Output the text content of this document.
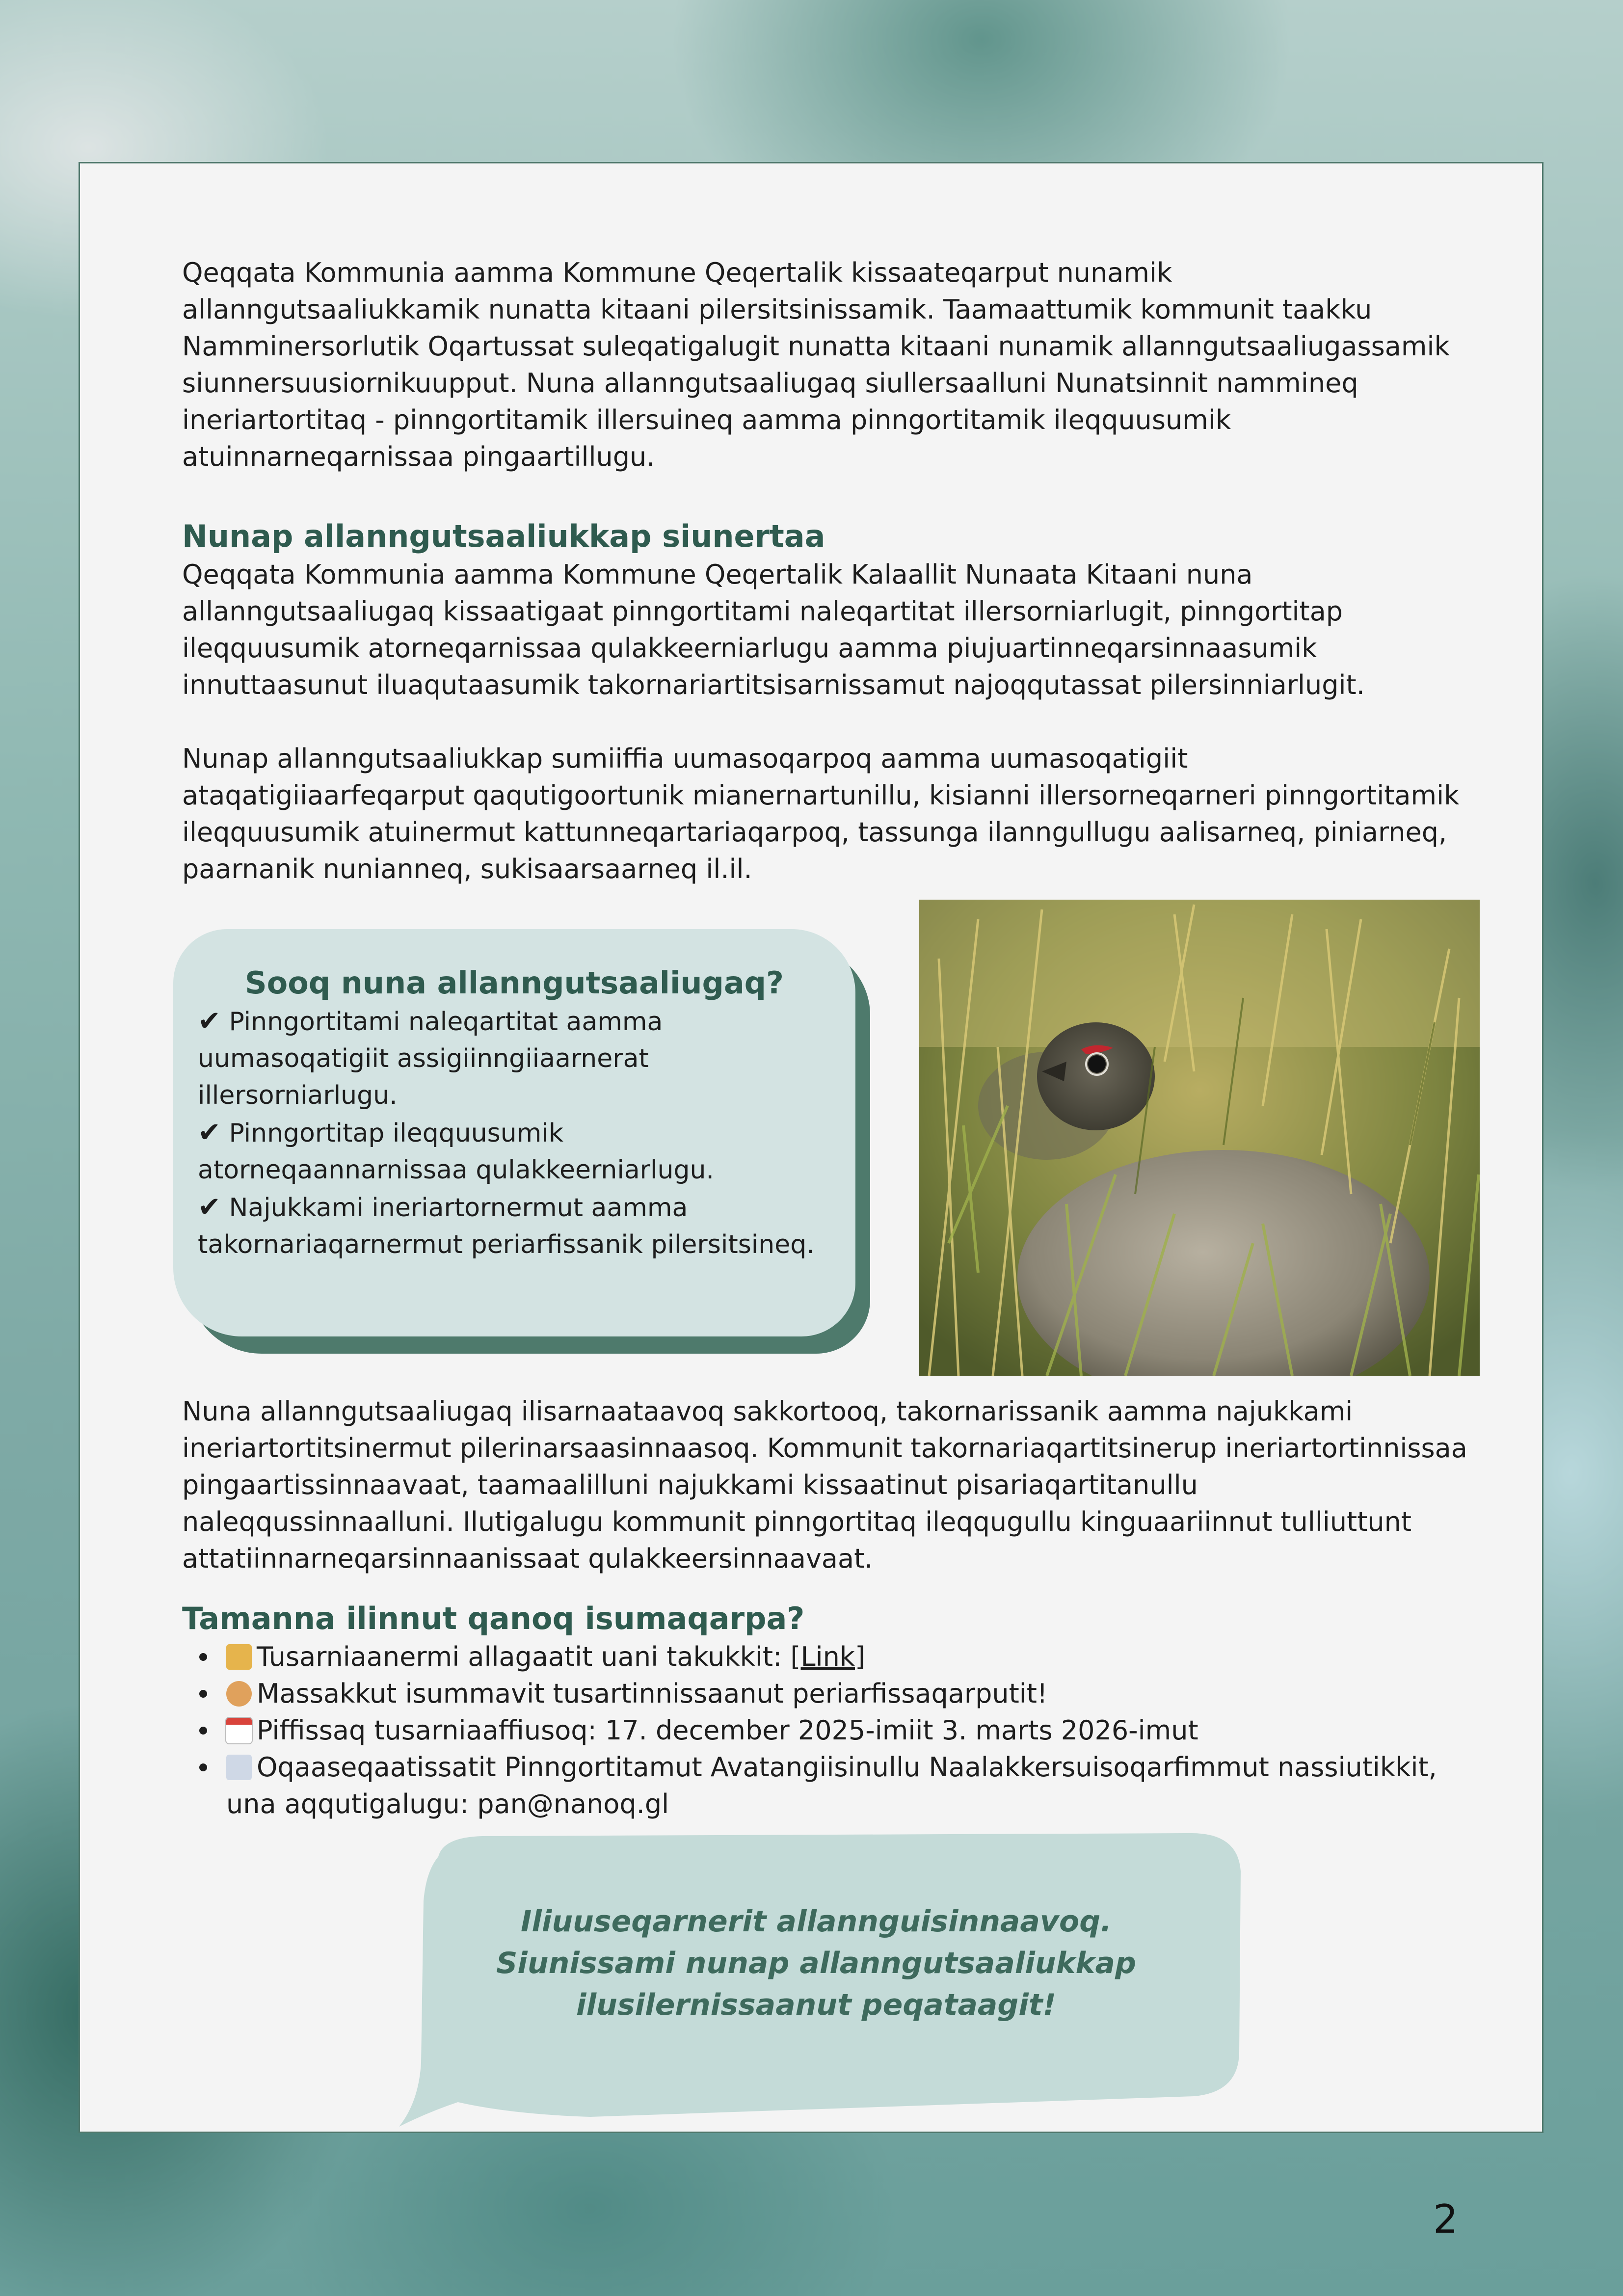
Qeqqata Kommunia aamma Kommune Qeqertalik kissaateqarput nunamik allanngutsaaliukkamik nunatta kitaani pilersitsinissamik. Taamaattumik kommunit taakku Namminersorlutik Oqartussat suleqatigalugit nunatta kitaani nunamik allanngutsaaliugassamik siunnersuusiornikuupput. Nuna allanngutsaaliugaq siullersaalluni Nunatsinnit nammineq ineriartortitaq - pinngortitamik illersuineq aamma pinngortitamik ileqquusumik atuinnarneqarnissaa pingaartillugu.

Nunap allanngutsaaliukkap siunertaa

Qeqqata Kommunia aamma Kommune Qeqertalik Kalaallit Nunaata Kitaani nuna allanngutsaaliugaq kissaatigaat pinngortitami naleqartitat illersorniarlugit, pinngortitap ileqquusumik atorneqarnissaa qulakkeerniarlugu aamma piujuartinneqarsinnaasumik innuttaasunut iluaqutaasumik takornariartitsisarnissamut najoqqutassat pilersinniarlugit.

Nunap allanngutsaaliukkap sumiiffia uumasoqarpoq aamma uumasoqatigiit ataqatigiiaarfeqarput qaqutigoortunik mianernartunillu, kisianni illersorneqarneri pinngortitamik ileqquusumik atuinermut kattunneqartariaqarpoq, tassunga ilanngullugu aalisarneq, piniarneq, paarnanik nunianneq, sukisaarsaarneq il.il.

Sooq nuna allanngutsaaliugaq?

✔ Pinngortitami naleqartitat aamma uumasoqatigiit assigiinngiiaarnerat illersorniarlugu.

✔ Pinngortitap ileqquusumik atorneqaannarnissaa qulakkeerniarlugu.

✔ Najukkami ineriartornermut aamma takornariaqarnermut periarfissanik pilersitsineq.

Nuna allanngutsaaliugaq ilisarnaataavoq sakkortooq, takornarissanik aamma najukkami ineriartortitsinermut pilerinarsaasinnaasoq. Kommunit takornariaqartitsinerup ineriartortinnissaa pingaartissinnaavaat, taamaalilluni najukkami kissaatinut pisariaqartitanullu naleqqussinnaalluni. Ilutigalugu kommunit pinngortitaq ileqqugullu kinguaariinnut tulliuttunt attatiinnarneqarsinnaanissaat qulakkeersinnaavaat.

Tamanna ilinnut qanoq isumaqarpa?
Tusarniaanermi allagaatit uani takukkit: [Link]
Massakkut isummavit tusartinnissaanut periarfissaqarputit!
Piffissaq tusarniaaffiusoq: 17. december 2025-imiit 3. marts 2026-imut
Oqaaseqaatissatit Pinngortitamut Avatangiisinullu Naalakkersuisoqarfimmut nassiutikkit, una aqqutigalugu: pan@nanoq.gl
Iliuuseqarnerit allannguisinnaavoq.
Siunissami nunap allanngutsaaliukkap
ilusilernissaanut peqataagit!
2
